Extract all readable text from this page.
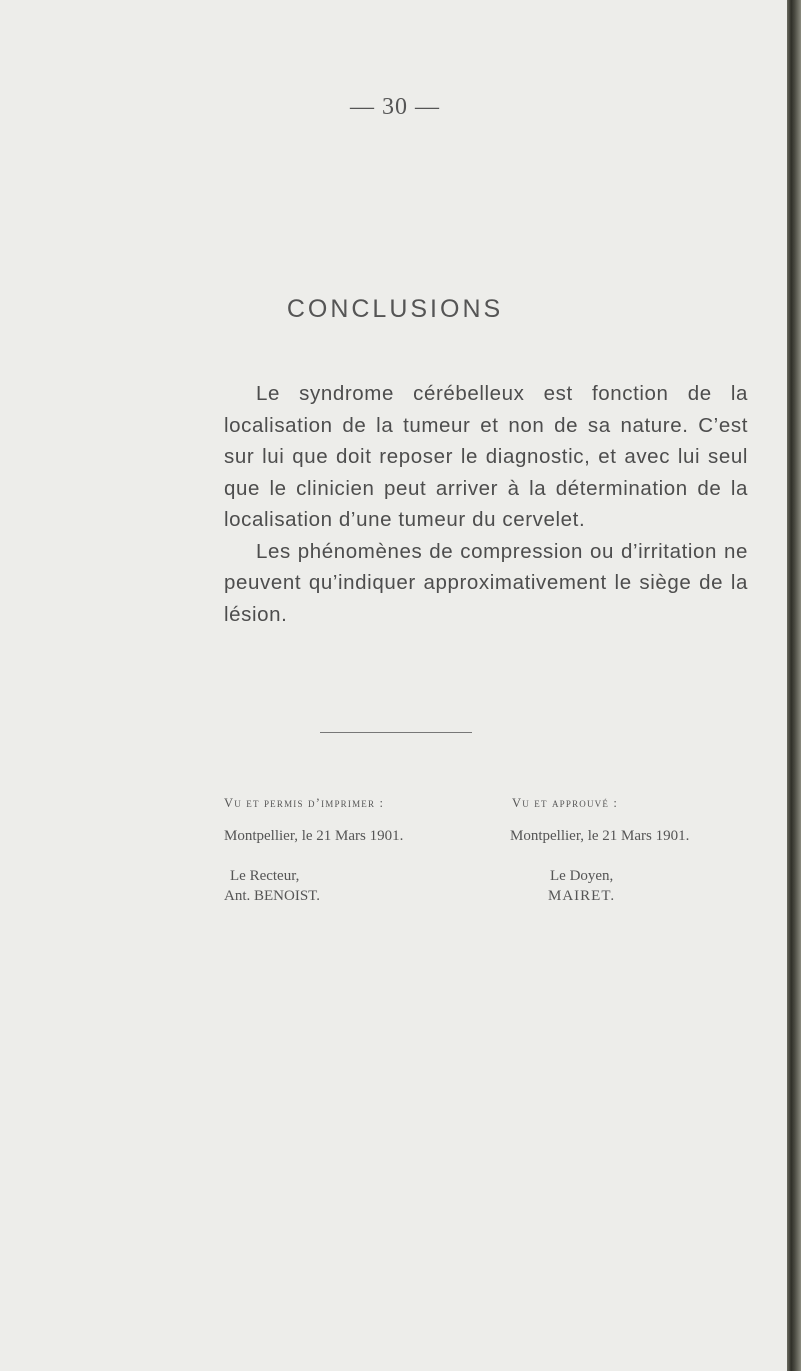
— 30 —
CONCLUSIONS

Le syndrome cérébelleux est fonction de la localisation de la tumeur et non de sa nature. C’est sur lui que doit reposer le diagnostic, et avec lui seul que le clinicien peut arriver à la détermination de la localisation d’une tumeur du cervelet.

Les phénomènes de compression ou d’irritation ne peuvent qu’indiquer approximativement le siège de la lésion.

Vu et permis d’imprimer :
Montpellier, le 21 Mars 1901.
Le Recteur,
Ant. BENOIST.
Vu et approuvé :
Montpellier, le 21 Mars 1901.
Le Doyen,
MAIRET.
